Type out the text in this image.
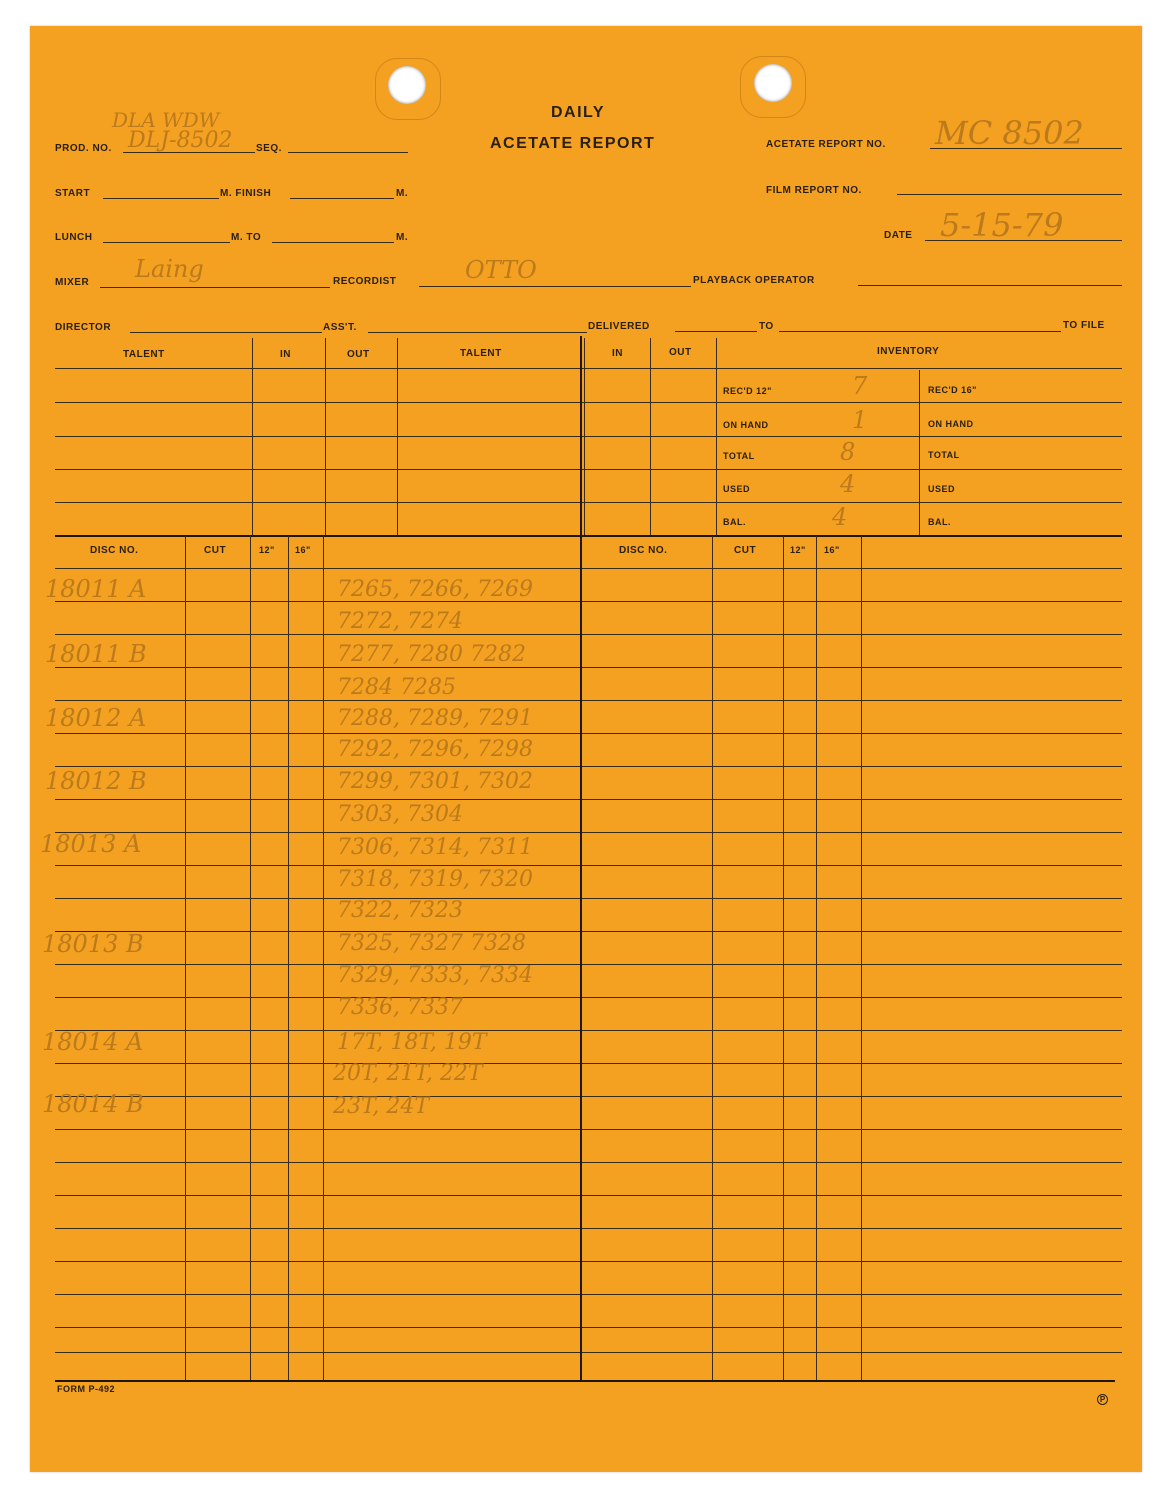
DAILY
ACETATE REPORT
DLA WDW
PROD. NO. DLJ-8502 SEQ.	ACETATE REPORT NO. MC 8502
START	M. FINISH	M.	FILM REPORT NO.
LUNCH	M. TO	M.	DATE 5-15-79
MIXER Laing	RECORDIST	OTTO	PLAYBACK OPERATOR
DIRECTOR	ASS'T.	DELIVERED	TO	TO FILE
TALENT	IN	OUT	TALENT	IN	OUT	INVENTORY
REC'D 12"	7	REC'D 16"
ON HAND	1	ON HAND
TOTAL	8	TOTAL
USED	4	USED
BAL.	4	BAL.
DISC NO.	CUT	12" 16"	DISC NO.	CUT	12" 16"
18011 A	7265, 7266, 7269
7272, 7274
18011 B	7277, 7280 7282
7284 7285
18012 A	7288, 7289, 7291
7292, 7296, 7298
18012 B	7299, 7301, 7302
7303, 7304
18013 A	7306, 7314, 7311
7318, 7319, 7320
7322, 7323
18013 B	7325, 7327 7328
7329, 7333, 7334
7336, 7337
18014 A	17T, 18T, 19T
20T, 21T, 22T
18014 B	23T, 24T
FORM P-492
P
